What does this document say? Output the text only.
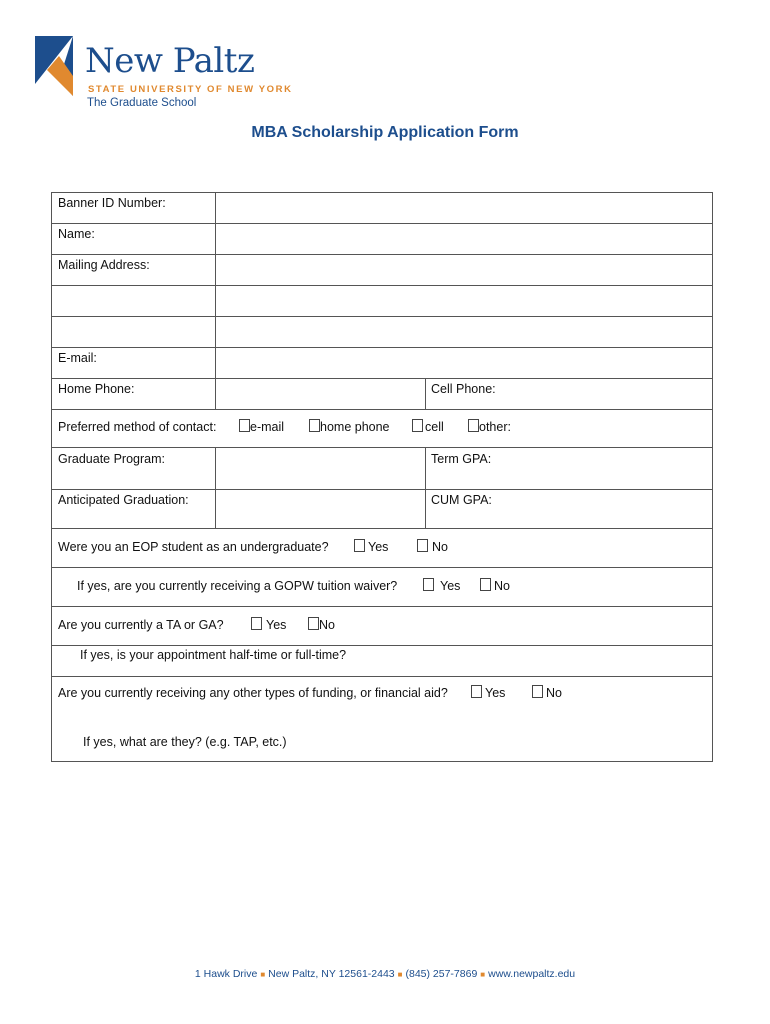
New Paltz
STATE UNIVERSITY OF NEW YORK
The Graduate School
MBA Scholarship Application Form
Banner ID Number:
Name:
Mailing Address:
E-mail:
Home Phone:	Cell Phone:
Preferred method of contact:	e-mail	home phone	cell	other:
Graduate Program:	Term GPA:
Anticipated Graduation:	CUM GPA:
Were you an EOP student as an undergraduate?	Yes	No
If yes, are you currently receiving a GOPW tuition waiver?	Yes	No
Are you currently a TA or GA?	Yes	No
If yes, is your appointment half-time or full-time?
Are you currently receiving any other types of funding, or financial aid?	Yes	No
If yes, what are they? (e.g. TAP, etc.)
1 Hawk Drive ■ New Paltz, NY 12561-2443 ■ (845) 257-7869 ■ www.newpaltz.edu
